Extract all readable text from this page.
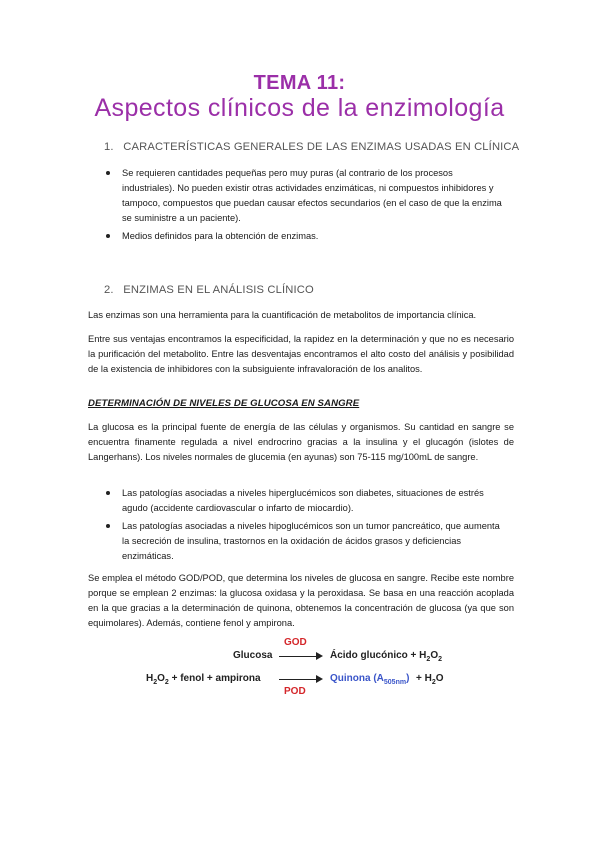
TEMA 11:
Aspectos clínicos de la enzimología
1. CARACTERÍSTICAS GENERALES DE LAS ENZIMAS USADAS EN CLÍNICA
Se requieren cantidades pequeñas pero muy puras (al contrario de los procesos industriales). No pueden existir otras actividades enzimáticas, ni compuestos inhibidores y tampoco, compuestos que puedan causar efectos secundarios (en el caso de que la enzima se suministre a un paciente).
Medios definidos para la obtención de enzimas.
2. ENZIMAS EN EL ANÁLISIS CLÍNICO
Las enzimas son una herramienta para la cuantificación de metabolitos de importancia clínica.
Entre sus ventajas encontramos la especificidad, la rapidez en la determinación y que no es necesario la purificación del metabolito. Entre las desventajas encontramos el alto costo del análisis y posibilidad de la existencia de inhibidores con la subsiguiente infravaloración de los analitos.
DETERMINACIÓN DE NIVELES DE GLUCOSA EN SANGRE
La glucosa es la principal fuente de energía de las células y organismos. Su cantidad en sangre se encuentra finamente regulada a nivel endrocrino gracias a la insulina y el glucagón (islotes de Langerhans). Los niveles normales de glucemia (en ayunas) son 75-115 mg/100mL de sangre.
Las patologías asociadas a niveles hiperglucémicos son diabetes, situaciones de estrés agudo (accidente cardiovascular o infarto de miocardio).
Las patologías asociadas a niveles hipoglucémicos son un tumor pancreático, que aumenta la secreción de insulina, trastornos en la oxidación de ácidos grasos y deficiencias enzimáticas.
Se emplea el método GOD/POD, que determina los niveles de glucosa en sangre. Recibe este nombre porque se emplean 2 enzimas: la glucosa oxidasa y la peroxidasa. Se basa en una reacción acoplada en la que gracias a la determinación de quinona, obtenemos la concentración de glucosa (ya que son equimolares). Además, contiene fenol y ampirona.
Glucosa
GOD
→ Ácido glucónico + $H_2O_2$
$H_2O_2$ + fenol + ampirona →
POD
Quinona $(A_{505nm}) + H_2O$
